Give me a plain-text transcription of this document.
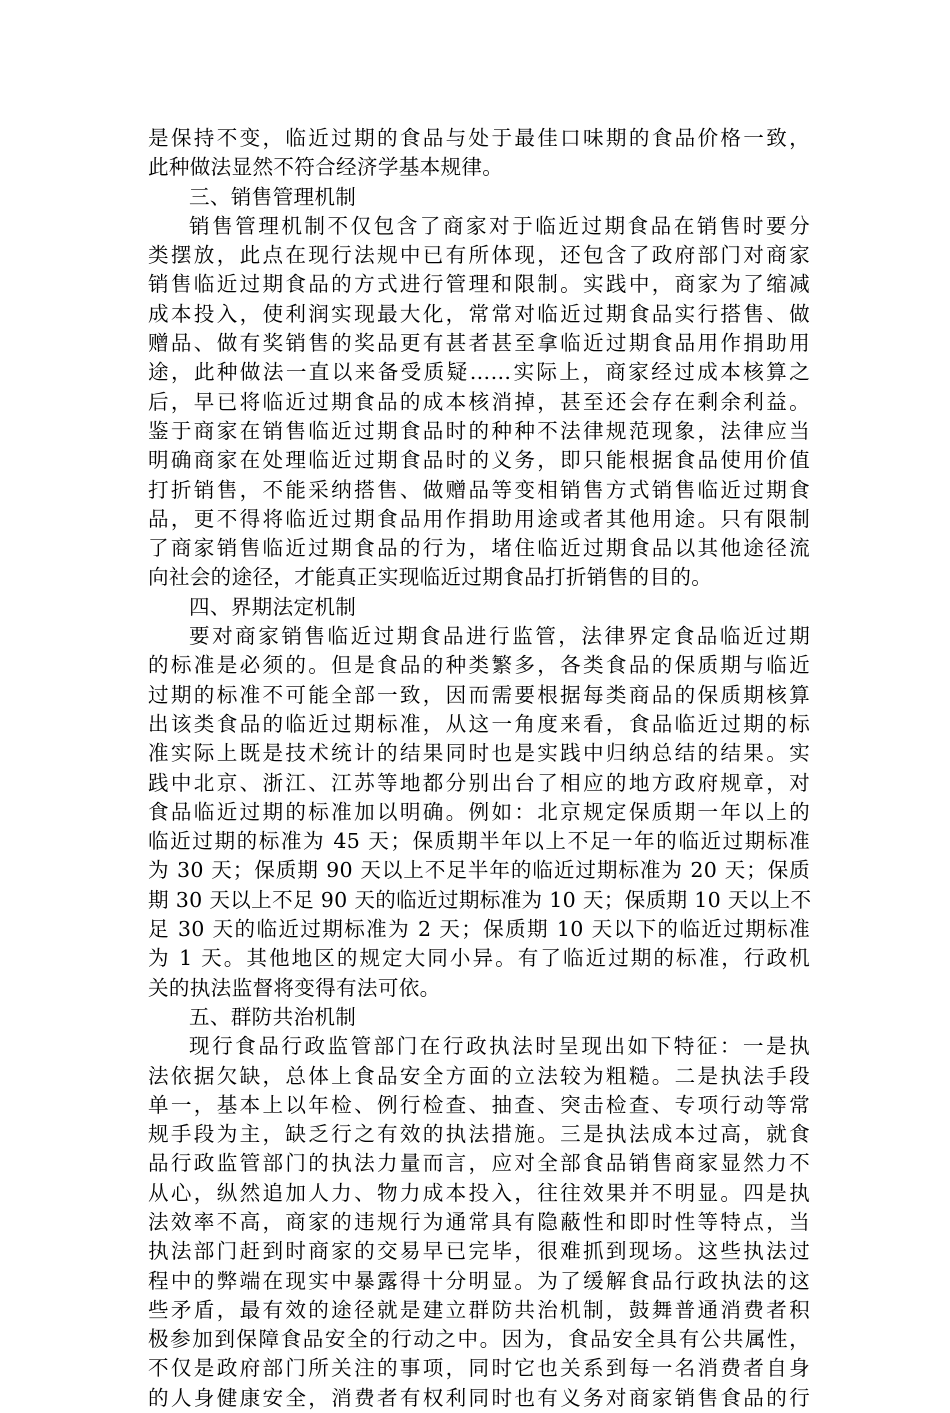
是保持不变，临近过期的食品与处于最佳口味期的食品价格一致，
此种做法显然不符合经济学基本规律。
三、销售管理机制
销售管理机制不仅包含了商家对于临近过期食品在销售时要分
类摆放，此点在现行法规中已有所体现，还包含了政府部门对商家
销售临近过期食品的方式进行管理和限制。实践中，商家为了缩减
成本投入，使利润实现最大化，常常对临近过期食品实行搭售、做
赠品、做有奖销售的奖品更有甚者甚至拿临近过期食品用作捐助用
途，此种做法一直以来备受质疑……实际上，商家经过成本核算之
后，早已将临近过期食品的成本核消掉，甚至还会存在剩余利益。
鉴于商家在销售临近过期食品时的种种不法律规范现象，法律应当
明确商家在处理临近过期食品时的义务，即只能根据食品使用价值
打折销售，不能采纳搭售、做赠品等变相销售方式销售临近过期食
品，更不得将临近过期食品用作捐助用途或者其他用途。只有限制
了商家销售临近过期食品的行为，堵住临近过期食品以其他途径流
向社会的途径，才能真正实现临近过期食品打折销售的目的。
四、界期法定机制
要对商家销售临近过期食品进行监管，法律界定食品临近过期
的标准是必须的。但是食品的种类繁多，各类食品的保质期与临近
过期的标准不可能全部一致，因而需要根据每类商品的保质期核算
出该类食品的临近过期标准，从这一角度来看，食品临近过期的标
准实际上既是技术统计的结果同时也是实践中归纳总结的结果。实
践中北京、浙江、江苏等地都分别出台了相应的地方政府规章，对
食品临近过期的标准加以明确。例如：北京规定保质期一年以上的
临近过期的标准为 45 天；保质期半年以上不足一年的临近过期标准
为 30 天；保质期 90 天以上不足半年的临近过期标准为 20 天；保质
期 30 天以上不足 90 天的临近过期标准为 10 天；保质期 10 天以上不
足 30 天的临近过期标准为 2 天；保质期 10 天以下的临近过期标准
为 1 天。其他地区的规定大同小异。有了临近过期的标准，行政机
关的执法监督将变得有法可依。
五、群防共治机制
现行食品行政监管部门在行政执法时呈现出如下特征：一是执
法依据欠缺，总体上食品安全方面的立法较为粗糙。二是执法手段
单一，基本上以年检、例行检查、抽查、突击检查、专项行动等常
规手段为主，缺乏行之有效的执法措施。三是执法成本过高，就食
品行政监管部门的执法力量而言，应对全部食品销售商家显然力不
从心，纵然追加人力、物力成本投入，往往效果并不明显。四是执
法效率不高，商家的违规行为通常具有隐蔽性和即时性等特点，当
执法部门赶到时商家的交易早已完毕，很难抓到现场。这些执法过
程中的弊端在现实中暴露得十分明显。为了缓解食品行政执法的这
些矛盾，最有效的途径就是建立群防共治机制，鼓舞普通消费者积
极参加到保障食品安全的行动之中。因为，食品安全具有公共属性，
不仅是政府部门所关注的事项，同时它也关系到每一名消费者自身
的人身健康安全，消费者有权利同时也有义务对商家销售食品的行
